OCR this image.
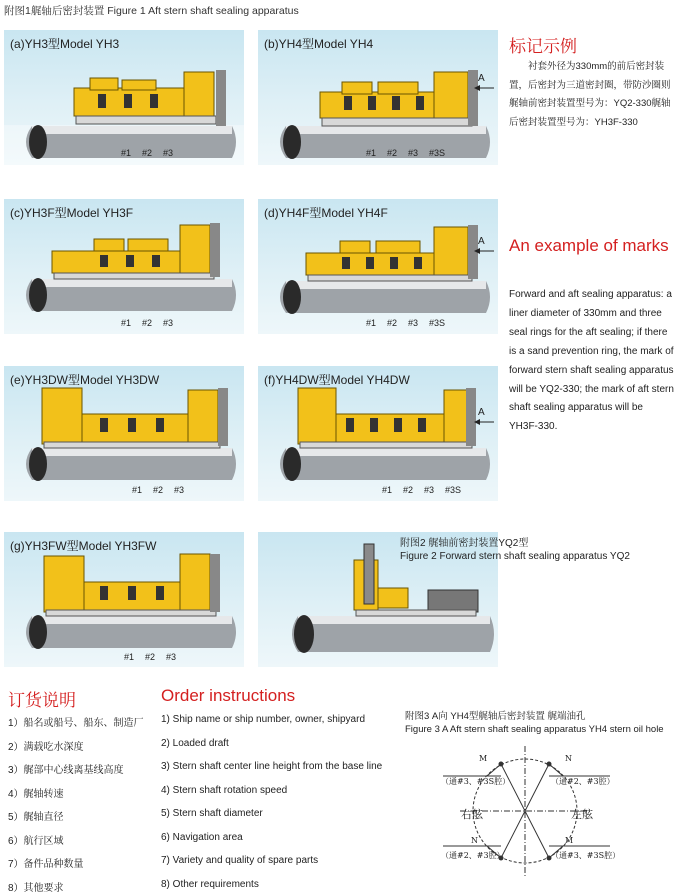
附图1艉轴后密封装置 Figure 1 Aft stern shaft sealing apparatus
(a)YH3型Model YH3
#1 #2 #3
(b)YH4型Model YH4
A
#1 #2 #3 #3S
(c)YH3F型Model YH3F
#1 #2 #3
(d)YH4F型Model YH4F
A
#1 #2 #3 #3S
(e)YH3DW型Model YH3DW
#1 #2 #3
(f)YH4DW型Model YH4DW
A
#1 #2 #3 #3S
(g)YH3FW型Model YH3FW
#1 #2 #3
附图2 艉轴前密封装置YQ2型
Figure 2 Forward stern shaft sealing apparatus YQ2
标记示例
　　衬套外径为330mm的前后密封装置，后密封为三道密封圈，带防沙圈则艉轴前密封装置型号为：YQ2-330艉轴后密封装置型号为：YH3F-330
An example of marks
Forward and aft sealing apparatus: a liner diameter of 330mm and three seal rings for the aft sealing; if there is a sand prevention ring, the mark of forward stern shaft sealing apparatus will be YQ2-330; the mark of aft stern shaft sealing apparatus will be YH3F-330.
订货说明
1）船名或船号、船东、制造厂
2）满载吃水深度
3）艉部中心线离基线高度
4）艉轴转速
5）艉轴直径
6）航行区域
7）备件品种数量
8）其他要求
Order instructions
1) Ship name or ship number, owner, shipyard
2) Loaded draft
3) Stern shaft center line height from the base line
4) Stern shaft rotation speed
5) Stern shaft diameter
6) Navigation area
7) Variety and quality of spare parts
8) Other requirements
附图3 A向 YH4型艉轴后密封装置 艉端油孔
Figure 3 A Aft stern shaft sealing apparatus YH4 stern oil hole
M	N
（通#3、#3S腔）	（通#2、#3腔）
右舷	左舷
N	M
（通#2、#3腔）	（通#3、#3S腔）
